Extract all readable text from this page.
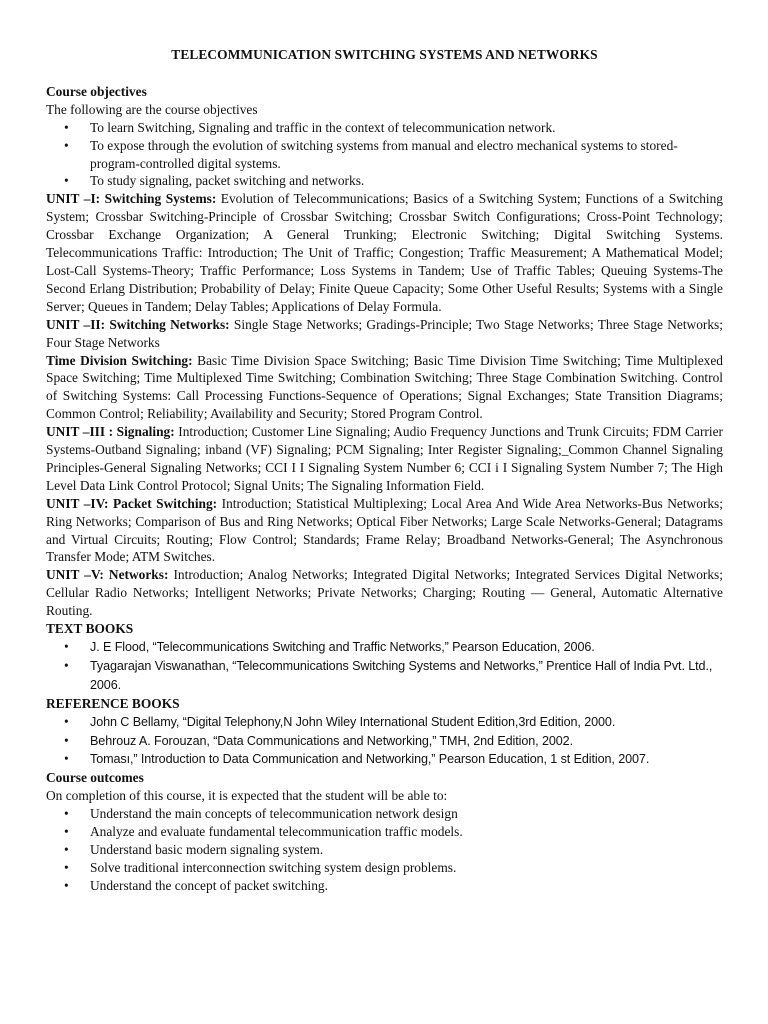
TELECOMMUNICATION SWITCHING SYSTEMS AND NETWORKS
Course objectives
The following are the course objectives
• To learn Switching, Signaling and traffic in the context of telecommunication network.
• To expose through the evolution of switching systems from manual and electro mechanical systems to stored-program-controlled digital systems.
• To study signaling, packet switching and networks.
UNIT –I: Switching Systems: Evolution of Telecommunications; Basics of a Switching System; Functions of a Switching System; Crossbar Switching-Principle of Crossbar Switching; Crossbar Switch Configurations; Cross-Point Technology; Crossbar Exchange Organization; A General Trunking; Electronic Switching; Digital Switching Systems. Telecommunications Traffic: Introduction; The Unit of Traffic; Congestion; Traffic Measurement; A Mathematical Model; Lost-Call Systems-Theory; Traffic Performance; Loss Systems in Tandem; Use of Traffic Tables; Queuing Systems-The Second Erlang Distribution; Probability of Delay; Finite Queue Capacity; Some Other Useful Results; Systems with a Single Server; Queues in Tandem; Delay Tables; Applications of Delay Formula.
UNIT –II: Switching Networks: Single Stage Networks; Gradings-Principle; Two Stage Networks; Three Stage Networks; Four Stage Networks
Time Division Switching: Basic Time Division Space Switching; Basic Time Division Time Switching; Time Multiplexed Space Switching; Time Multiplexed Time Switching; Combination Switching; Three Stage Combination Switching. Control of Switching Systems: Call Processing Functions-Sequence of Operations; Signal Exchanges; State Transition Diagrams; Common Control; Reliability; Availability and Security; Stored Program Control.
UNIT –III : Signaling: Introduction; Customer Line Signaling; Audio Frequency Junctions and Trunk Circuits; FDM Carrier Systems-Outband Signaling; inband (VF) Signaling; PCM Signaling; Inter Register Signaling;_Common Channel Signaling Principles-General Signaling Networks; CCI I I Signaling System Number 6; CCI i I Signaling System Number 7; The High Level Data Link Control Protocol; Signal Units; The Signaling Information Field.
UNIT –IV: Packet Switching: Introduction; Statistical Multiplexing; Local Area And Wide Area Networks-Bus Networks; Ring Networks; Comparison of Bus and Ring Networks; Optical Fiber Networks; Large Scale Networks-General; Datagrams and Virtual Circuits; Routing; Flow Control; Standards; Frame Relay; Broadband Networks-General; The Asynchronous Transfer Mode; ATM Switches.
UNIT –V: Networks: Introduction; Analog Networks; Integrated Digital Networks; Integrated Services Digital Networks; Cellular Radio Networks; Intelligent Networks; Private Networks; Charging; Routing — General, Automatic Alternative Routing.
TEXT BOOKS
• J. E Flood, “Telecommunications Switching and Traffic Networks,” Pearson Education, 2006.
• Tyagarajan Viswanathan, “Telecommunications Switching Systems and Networks,” Prentice Hall of India Pvt. Ltd., 2006.
REFERENCE BOOKS
• John C Bellamy, “Digital Telephony,N John Wiley International Student Edition,3rd Edition, 2000.
• Behrouz A. Forouzan, “Data Communications and Networking,” TMH, 2nd Edition, 2002.
• Toması,” Introduction to Data Communication and Networking,” Pearson Education, 1 st Edition, 2007.
Course outcomes
On completion of this course, it is expected that the student will be able to:
• Understand the main concepts of telecommunication network design
• Analyze and evaluate fundamental telecommunication traffic models.
• Understand basic modern signaling system.
• Solve traditional interconnection switching system design problems.
• Understand the concept of packet switching.
